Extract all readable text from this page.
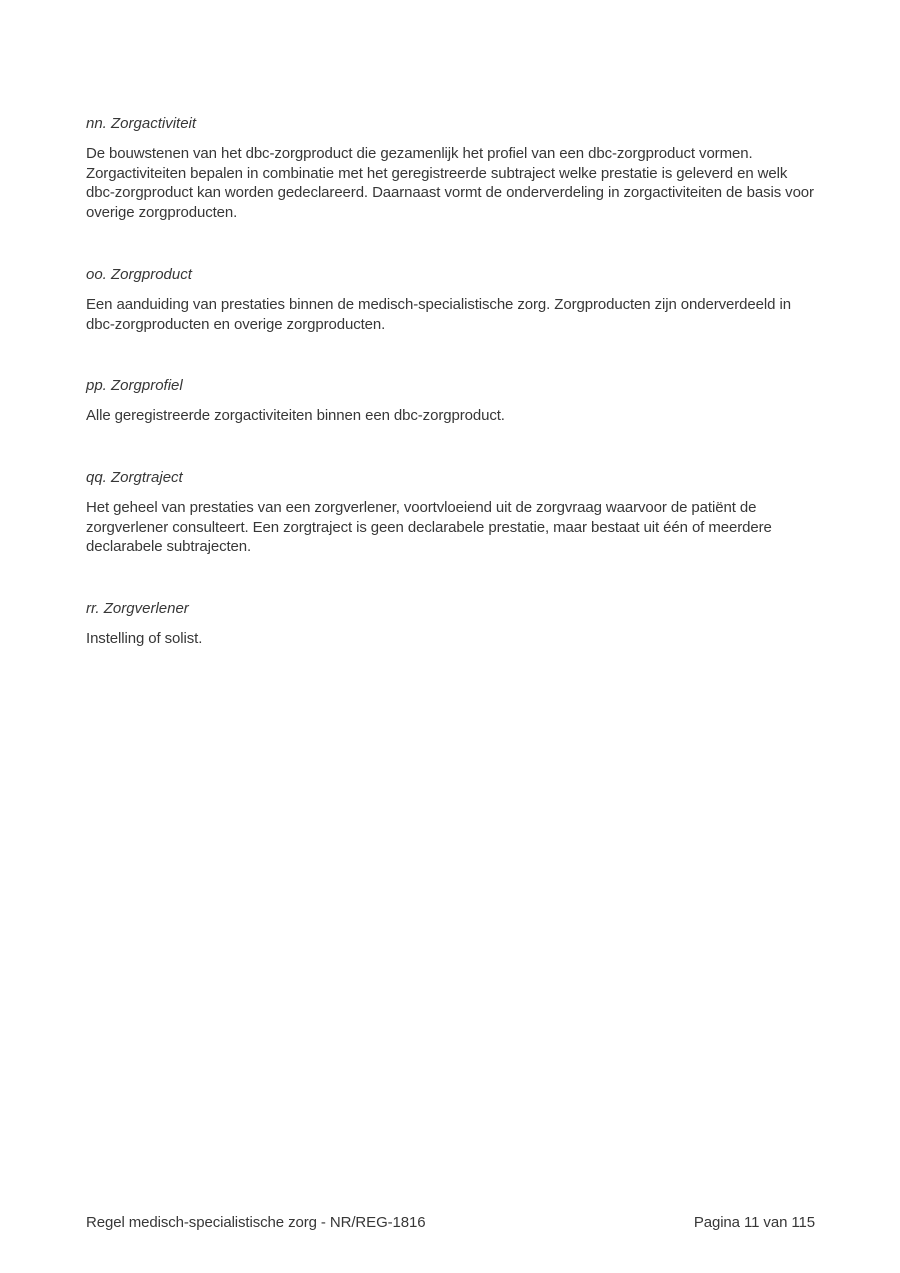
nn. Zorgactiviteit

De bouwstenen van het dbc-zorgproduct die gezamenlijk het profiel van een dbc-zorgproduct vormen. Zorgactiviteiten bepalen in combinatie met het geregistreerde subtraject welke prestatie is geleverd en welk dbc-zorgproduct kan worden gedeclareerd. Daarnaast vormt de onderverdeling in zorgactiviteiten de basis voor overige zorgproducten.

oo. Zorgproduct

Een aanduiding van prestaties binnen de medisch-specialistische zorg. Zorgproducten zijn onderverdeeld in dbc-zorgproducten en overige zorgproducten.

pp. Zorgprofiel

Alle geregistreerde zorgactiviteiten binnen een dbc-zorgproduct.

qq. Zorgtraject

Het geheel van prestaties van een zorgverlener, voortvloeiend uit de zorgvraag waarvoor de patiënt de zorgverlener consulteert. Een zorgtraject is geen declarabele prestatie, maar bestaat uit één of meerdere declarabele subtrajecten.

rr. Zorgverlener

Instelling of solist.

Regel medisch-specialistische zorg - NR/REG-1816	Pagina 11 van 115
